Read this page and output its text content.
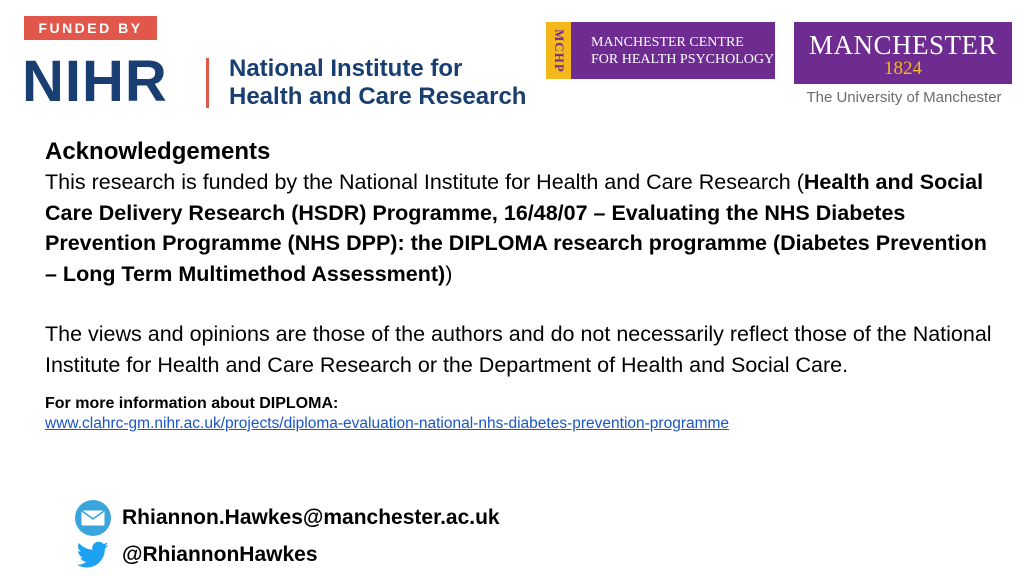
FUNDED BY
NIHR	National Institute for
Health and Care Research
MCHP MANCHESTER CENTRE
FOR HEALTH PSYCHOLOGY	MANCHESTER
1824
The University of Manchester
Acknowledgements

This research is funded by the National Institute for Health and Care Research (Health and Social Care Delivery Research (HSDR) Programme, 16/48/07 – Evaluating the NHS Diabetes Prevention Programme (NHS DPP): the DIPLOMA research programme (Diabetes Prevention – Long Term Multimethod Assessment))

The views and opinions are those of the authors and do not necessarily reflect those of the National Institute for Health and Care Research or the Department of Health and Social Care.

For more information about DIPLOMA:
www.clahrc-gm.nihr.ac.uk/projects/diploma-evaluation-national-nhs-diabetes-prevention-programme
Rhiannon.Hawkes@manchester.ac.uk
@RhiannonHawkes
